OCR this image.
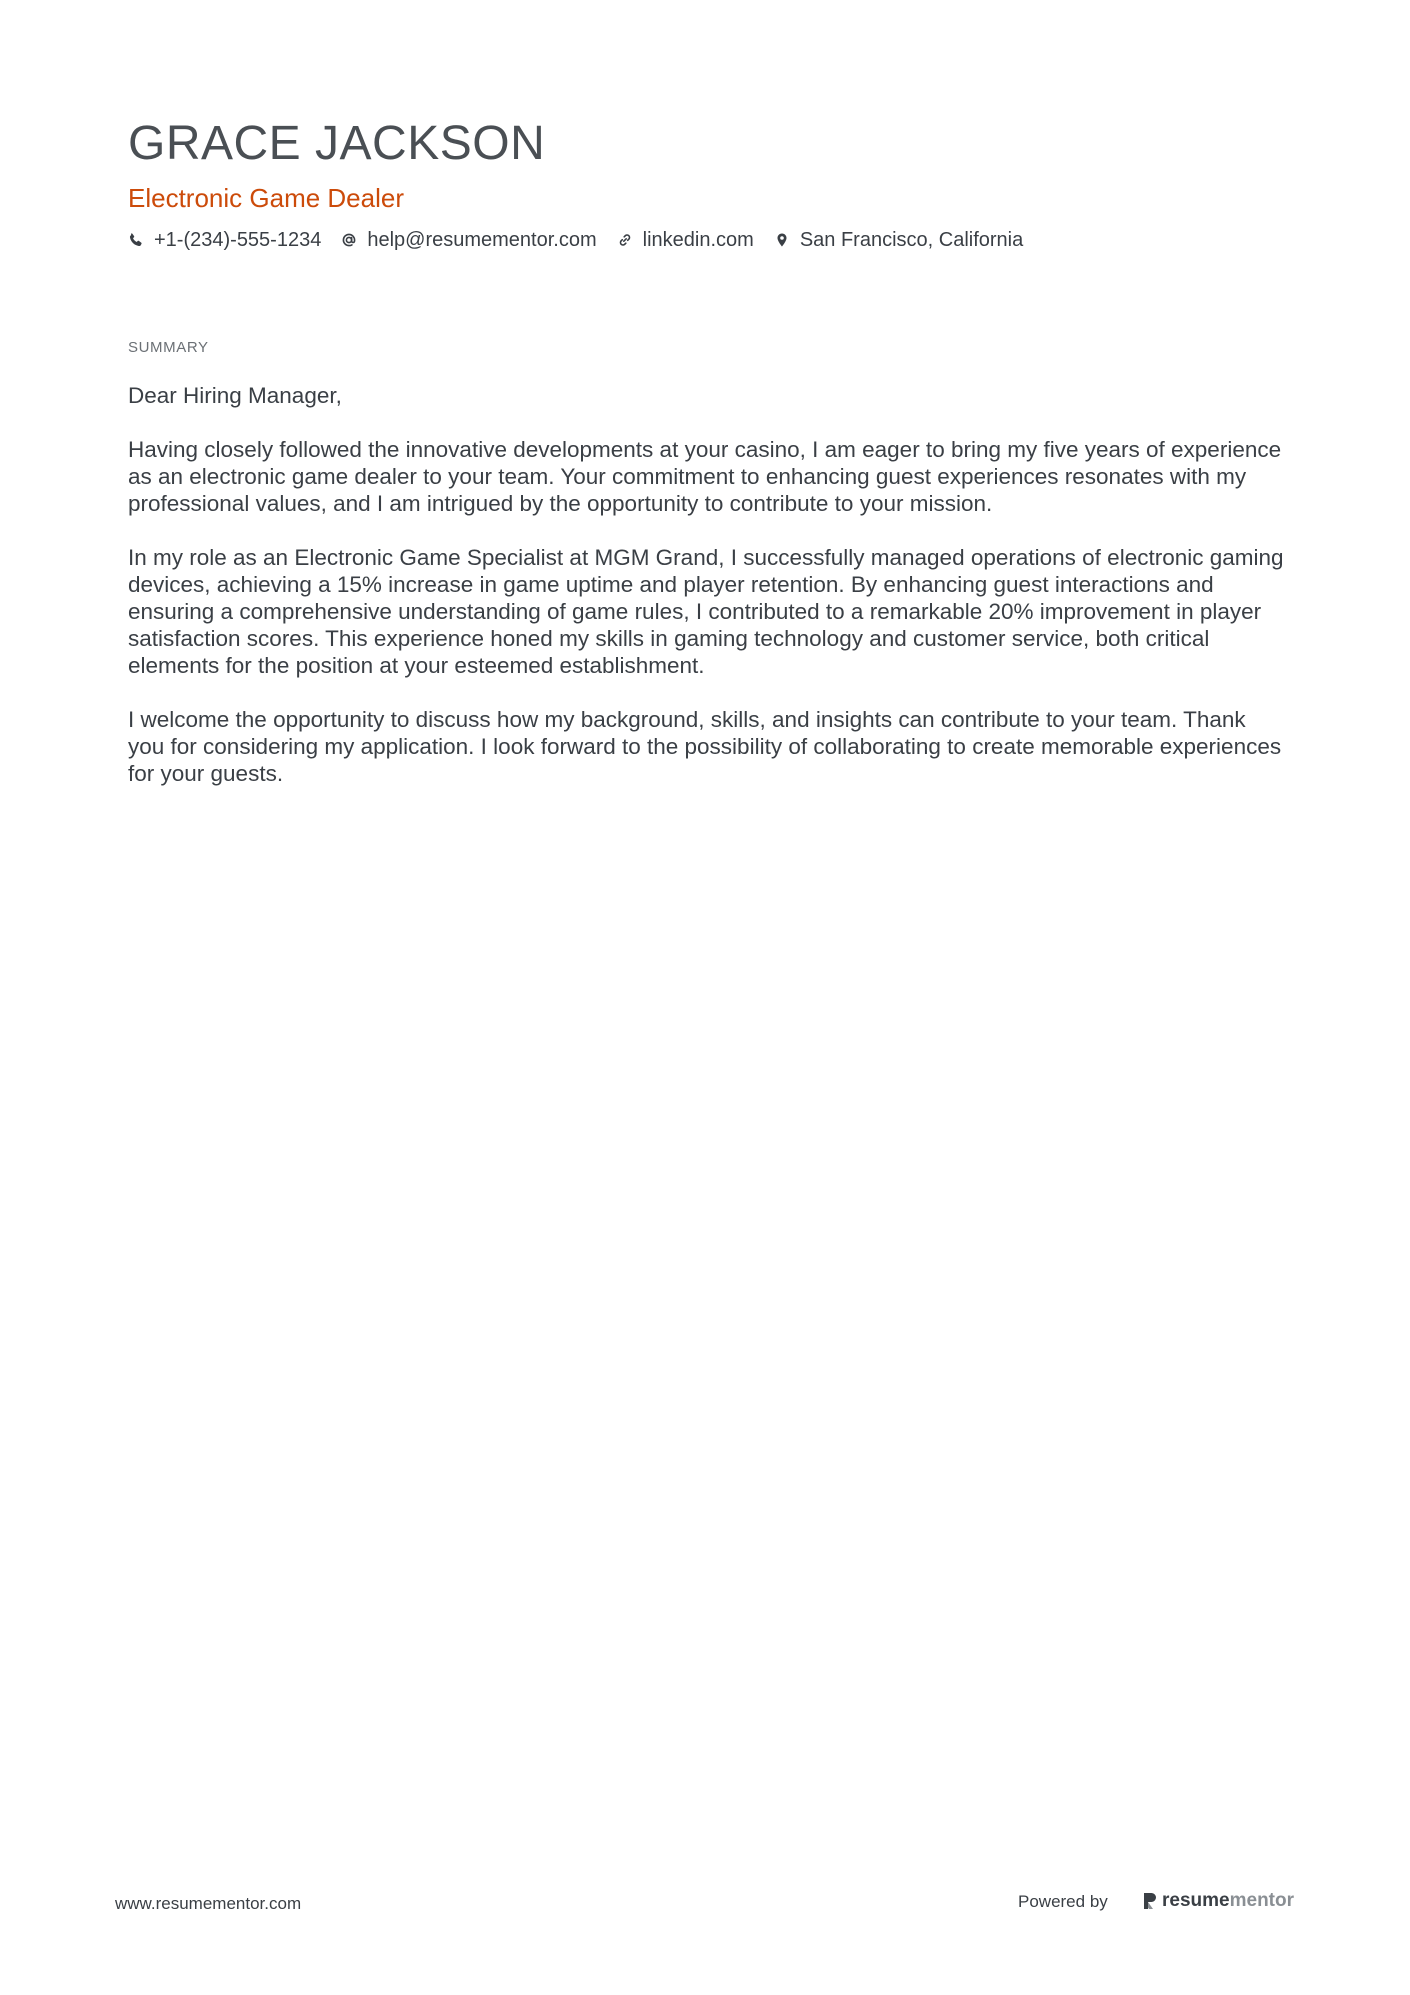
GRACE JACKSON
Electronic Game Dealer
+1-(234)-555-1234 help@resumementor.com linkedin.com San Francisco, California
SUMMARY

Dear Hiring Manager,

Having closely followed the innovative developments at your casino, I am eager to bring my five years of experience as an electronic game dealer to your team. Your commitment to enhancing guest experiences resonates with my professional values, and I am intrigued by the opportunity to contribute to your mission.

In my role as an Electronic Game Specialist at MGM Grand, I successfully managed operations of electronic gaming devices, achieving a 15% increase in game uptime and player retention. By enhancing guest interactions and ensuring a comprehensive understanding of game rules, I contributed to a remarkable 20% improvement in player satisfaction scores. This experience honed my skills in gaming technology and customer service, both critical elements for the position at your esteemed establishment.

I welcome the opportunity to discuss how my background, skills, and insights can contribute to your team. Thank you for considering my application. I look forward to the possibility of collaborating to create memorable experiences for your guests.

www.resumementor.com	Powered by	resume mentor
